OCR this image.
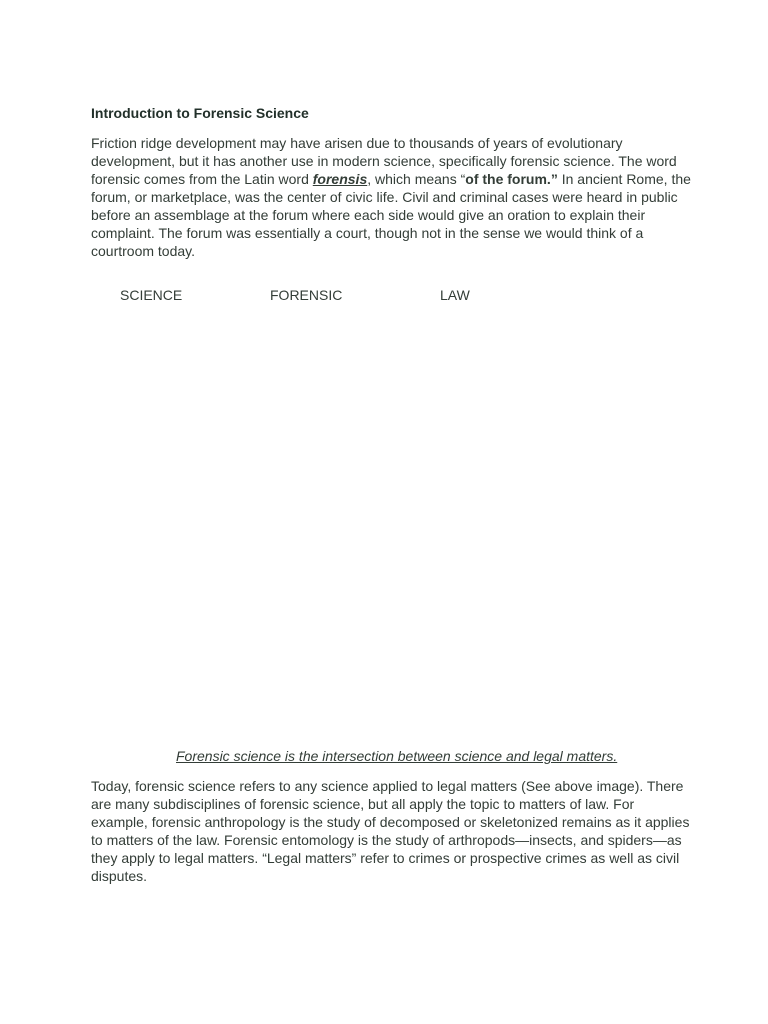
Introduction to Forensic Science

Friction ridge development may have arisen due to thousands of years of evolutionary development, but it has another use in modern science, specifically forensic science. The word forensic comes from the Latin word forensis, which means “of the forum.” In ancient Rome, the forum, or marketplace, was the center of civic life. Civil and criminal cases were heard in public before an assemblage at the forum where each side would give an oration to explain their complaint. The forum was essentially a court, though not in the sense we would think of a courtroom today.

SCIENCE	FORENSIC	LAW

Forensic science is the intersection between science and legal matters.

Today, forensic science refers to any science applied to legal matters (See above image). There are many subdisciplines of forensic science, but all apply the topic to matters of law. For example, forensic anthropology is the study of decomposed or skeletonized remains as it applies to matters of the law. Forensic entomology is the study of arthropods—insects, and spiders—as they apply to legal matters. “Legal matters” refer to crimes or prospective crimes as well as civil disputes.
